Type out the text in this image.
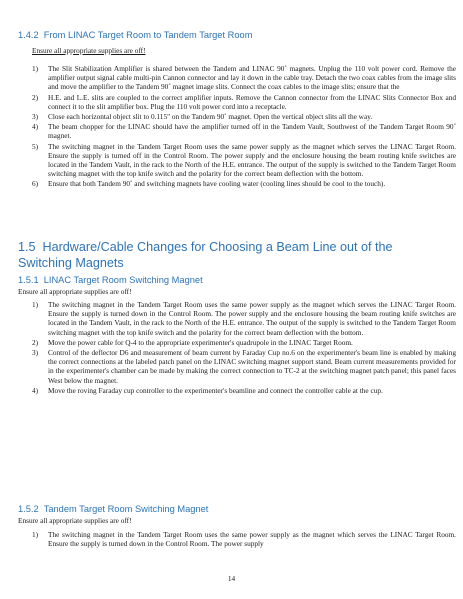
1.4.2 From LINAC Target Room to Tandem Target Room
Ensure all appropriate supplies are off!
1) The Slit Stabilization Amplifier is shared between the Tandem and LINAC 90˚ magnets. Unplug the 110 volt power cord. Remove the amplifier output signal cable multi-pin Cannon connector and lay it down in the cable tray. Detach the two coax cables from the image slits and move the amplifier to the Tandem 90˚ magnet image slits. Connect the coax cables to the image slits; ensure that the
2) H.E. and L.E. slits are coupled to the correct amplifier inputs. Remove the Cannon connector from the LINAC Slits Connector Box and connect it to the slit amplifier box. Plug the 110 volt power cord into a receptacle.
3) Close each horizontal object slit to 0.115" on the Tandem 90˚ magnet. Open the vertical object slits all the way.
4) The beam chopper for the LINAC should have the amplifier turned off in the Tandem Vault, Southwest of the Tandem Target Room 90˚ magnet.
5) The switching magnet in the Tandem Target Room uses the same power supply as the magnet which serves the LINAC Target Room. Ensure the supply is turned off in the Control Room. The power supply and the enclosure housing the beam routing knife switches are located in the Tandem Vault, in the rack to the North of the H.E. entrance. The output of the supply is switched to the Tandem Target Room switching magnet with the top knife switch and the polarity for the correct beam deflection with the bottom.
6) Ensure that both Tandem 90˚ and switching magnets have cooling water (cooling lines should be cool to the touch).
1.5 Hardware/Cable Changes for Choosing a Beam Line out of the Switching Magnets
1.5.1 LINAC Target Room Switching Magnet
Ensure all appropriate supplies are off!
1) The switching magnet in the Tandem Target Room uses the same power supply as the magnet which serves the LINAC Target Room. Ensure the supply is turned down in the Control Room. The power supply and the enclosure housing the beam routing knife switches are located in the Tandem Vault, in the rack to the North of the H.E. entrance. The output of the supply is switched to the Tandem Target Room switching magnet with the top knife switch and the polarity for the correct beam deflection with the bottom.
2) Move the power cable for Q-4 to the appropriate experimenter's quadrupole in the LINAC Target Room.
3) Control of the deflector D6 and measurement of beam current by Faraday Cup no.6 on the experimenter's beam line is enabled by making the correct connections at the labeled patch panel on the LINAC switching magnet support stand. Beam current measurements provided for in the experimenter's chamber can be made by making the correct connection to TC-2 at the switching magnet patch panel; this panel faces West below the magnet.
4) Move the roving Faraday cup controller to the experimenter's beamline and connect the controller cable at the cup.
1.5.2 Tandem Target Room Switching Magnet
Ensure all appropriate supplies are off!
1) The switching magnet in the Tandem Target Room uses the same power supply as the magnet which serves the LINAC Target Room. Ensure the supply is turned down in the Control Room. The power supply
14
